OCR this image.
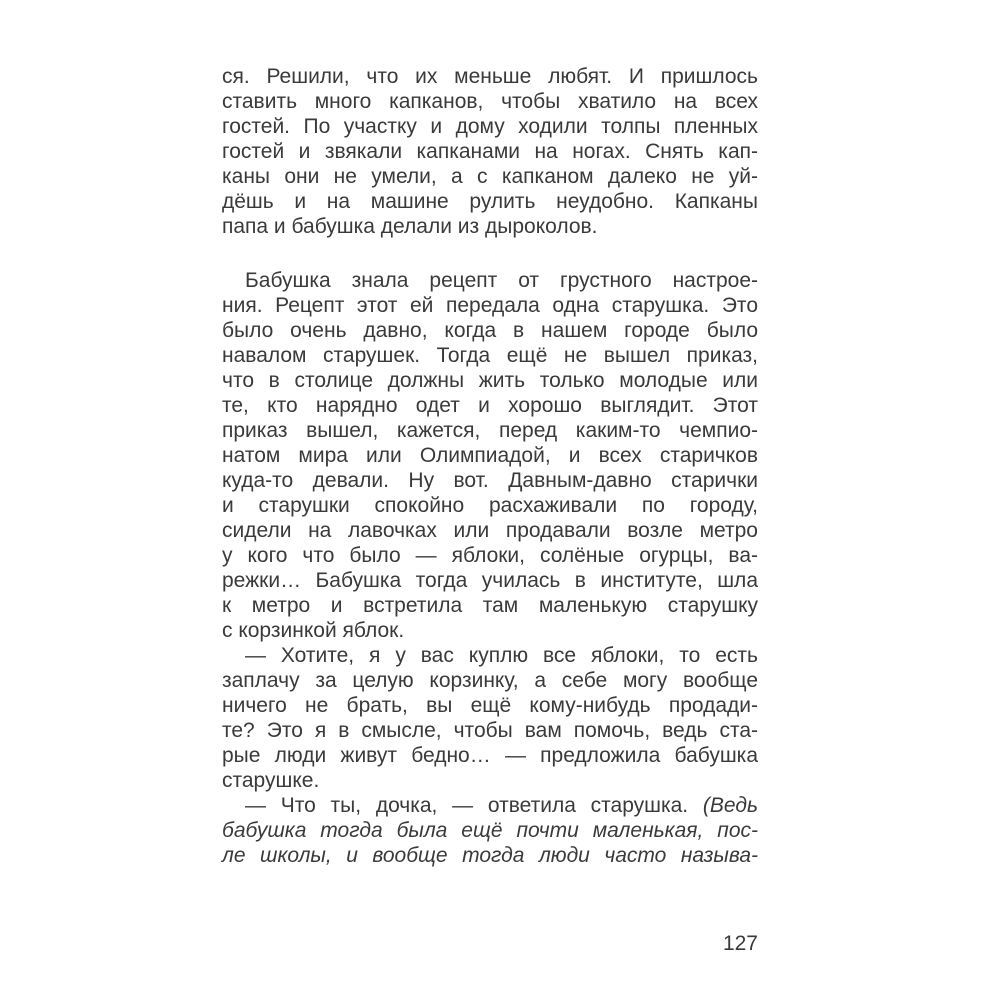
ся. Решили, что их меньше любят. И пришлось

ставить много капканов, чтобы хватило на всех

гостей. По участку и дому ходили толпы пленных

гостей и звякали капканами на ногах. Снять кап-

каны они не умели, а с капканом далеко не уй-

дёшь и на машине рулить неудобно. Капканы

папа и бабушка делали из дыроколов.

Бабушка знала рецепт от грустного настрое-

ния. Рецепт этот ей передала одна старушка. Это

было очень давно, когда в нашем городе было

навалом старушек. Тогда ещё не вышел приказ,

что в столице должны жить только молодые или

те, кто нарядно одет и хорошо выглядит. Этот

приказ вышел, кажется, перед каким-то чемпио-

натом мира или Олимпиадой, и всех старичков

куда-то девали. Ну вот. Давным-давно старички

и старушки спокойно расхаживали по городу,

сидели на лавочках или продавали возле метро

у кого что было — яблоки, солёные огурцы, ва-

режки… Бабушка тогда училась в институте, шла

к метро и встретила там маленькую старушку

с корзинкой яблок.

— Хотите, я у вас куплю все яблоки, то есть

заплачу за целую корзинку, а себе могу вообще

ничего не брать, вы ещё кому-нибудь продади-

те? Это я в смысле, чтобы вам помочь, ведь ста-

рые люди живут бедно… — предложила бабушка

старушке.

— Что ты, дочка, — ответила старушка. (Ведь

бабушка тогда была ещё почти маленькая, пос-

ле школы, и вообще тогда люди часто называ-

127
